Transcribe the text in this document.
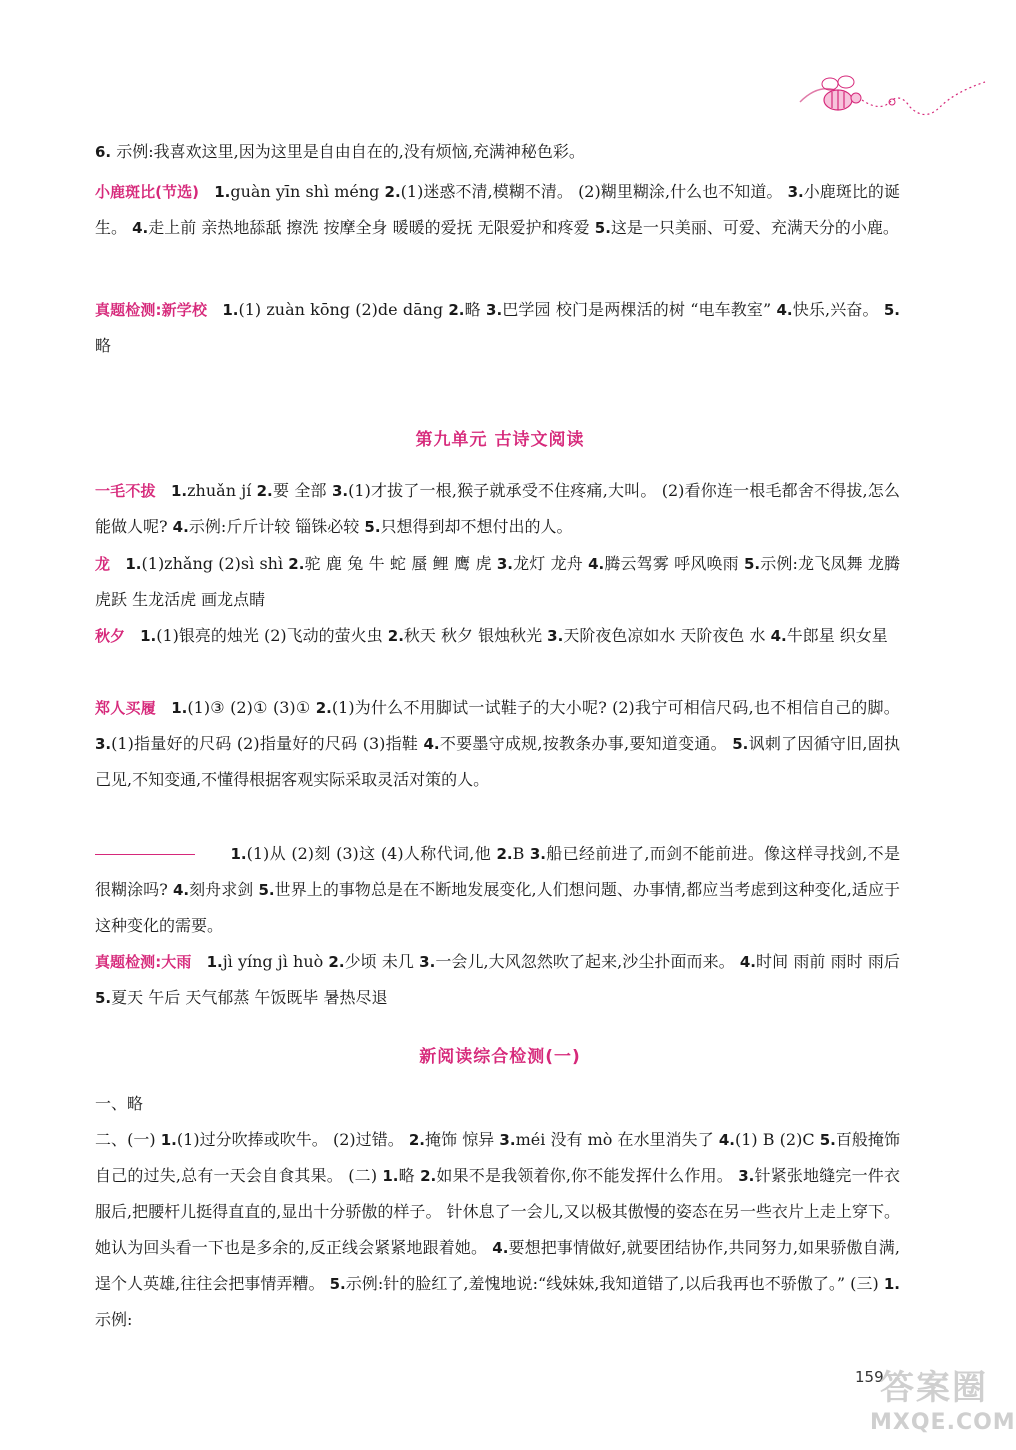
6. 示例:我喜欢这里,因为这里是自由自在的,没有烦恼,充满神秘色彩。
小鹿斑比(节选) 1.guàn yīn shì méng 2.(1)迷惑不清,模糊不清。 (2)糊里糊涂,什么也不知道。 3.小鹿斑比的诞生。 4.走上前 亲热地舔舐 擦洗 按摩全身 暖暖的爱抚 无限爱护和疼爱 5.这是一只美丽、可爱、充满天分的小鹿。
真题检测:新学校 1.(1) zuàn kōng (2)de dāng 2.略 3.巴学园 校门是两棵活的树 “电车教室” 4.快乐,兴奋。 5.略
第九单元 古诗文阅读
一毛不拔 1.zhuǎn jí 2.要 全部 3.(1)才拔了一根,猴子就承受不住疼痛,大叫。 (2)看你连一根毛都舍不得拔,怎么能做人呢? 4.示例:斤斤计较 锱铢必较 5.只想得到却不想付出的人。
龙 1.(1)zhǎng (2)sì shì 2.驼 鹿 兔 牛 蛇 蜃 鲤 鹰 虎 3.龙灯 龙舟 4.腾云驾雾 呼风唤雨 5.示例:龙飞凤舞 龙腾虎跃 生龙活虎 画龙点睛
秋夕 1.(1)银亮的烛光 (2)飞动的萤火虫 2.秋天 秋夕 银烛秋光 3.天阶夜色凉如水 天阶夜色 水 4.牛郎星 织女星
郑人买履 1.(1)③ (2)① (3)① 2.(1)为什么不用脚试一试鞋子的大小呢? (2)我宁可相信尺码,也不相信自己的脚。 3.(1)指量好的尺码 (2)指量好的尺码 (3)指鞋 4.不要墨守成规,按教条办事,要知道变通。 5.讽刺了因循守旧,固执己见,不知变通,不懂得根据客观实际采取灵活对策的人。
1.(1)从 (2)刻 (3)这 (4)人称代词,他 2.B 3.船已经前进了,而剑不能前进。像这样寻找剑,不是很糊涂吗? 4.刻舟求剑 5.世界上的事物总是在不断地发展变化,人们想问题、办事情,都应当考虑到这种变化,适应于这种变化的需要。
真题检测:大雨 1.jì yíng jì huò 2.少顷 未几 3.一会儿,大风忽然吹了起来,沙尘扑面而来。 4.时间 雨前 雨时 雨后 5.夏天 午后 天气郁蒸 午饭既毕 暑热尽退
新阅读综合检测(一)
一、略
二、(一) 1.(1)过分吹捧或吹牛。 (2)过错。 2.掩饰 惊异 3.méi 没有 mò 在水里消失了 4.(1) B (2)C 5.百般掩饰自己的过失,总有一天会自食其果。 (二) 1.略 2.如果不是我领着你,你不能发挥什么作用。 3.针紧张地缝完一件衣服后,把腰杆儿挺得直直的,显出十分骄傲的样子。 针休息了一会儿,又以极其傲慢的姿态在另一些衣片上走上穿下。她认为回头看一下也是多余的,反正线会紧紧地跟着她。 4.要想把事情做好,就要团结协作,共同努力,如果骄傲自满,逞个人英雄,往往会把事情弄糟。 5.示例:针的脸红了,羞愧地说:“线妹妹,我知道错了,以后我再也不骄傲了。” (三) 1.示例:
159
答案圈
MXQE.COM
